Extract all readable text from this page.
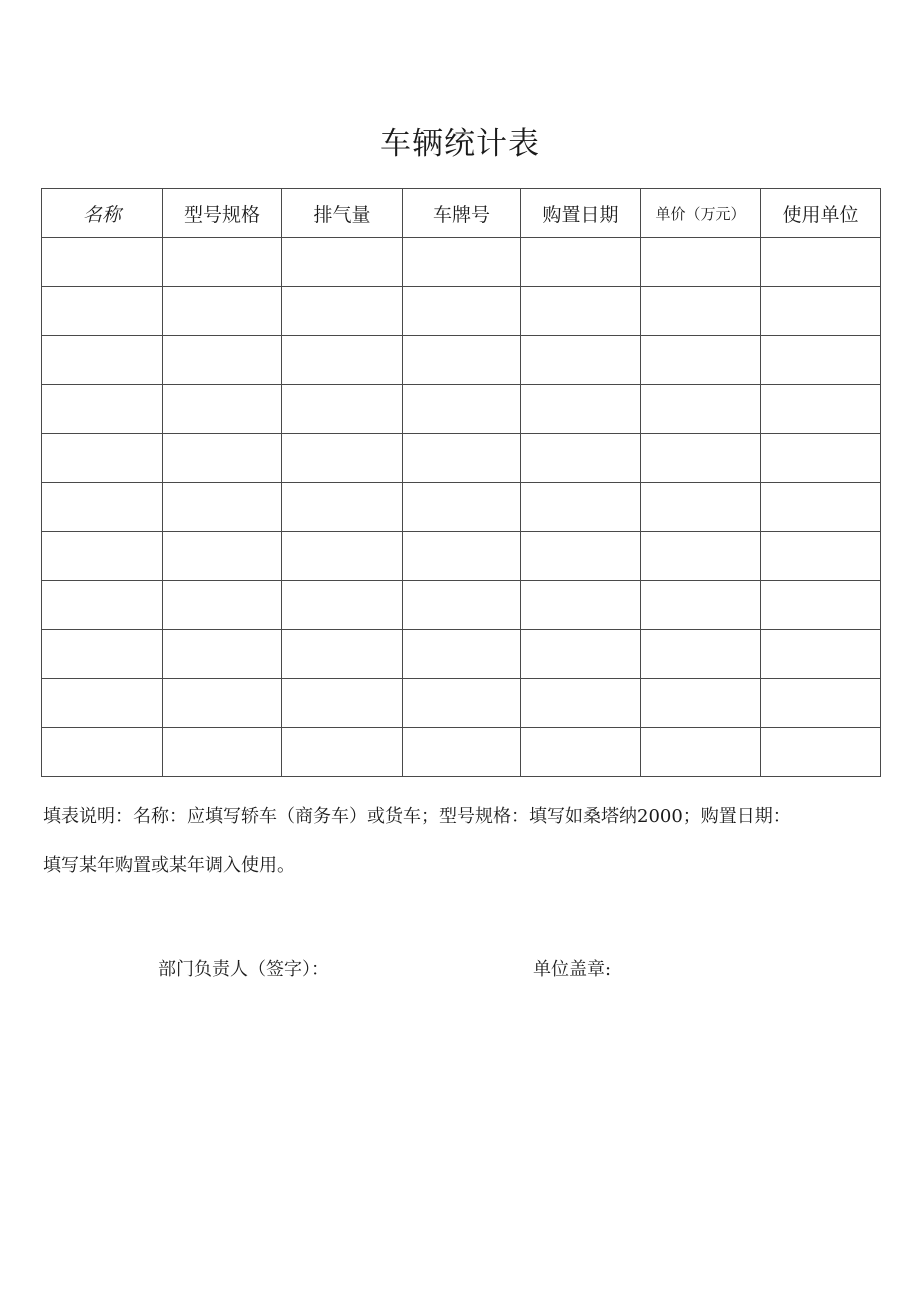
车辆统计表
名称	型号规格	排气量	车牌号	购置日期	单价（万元）	使用单位

填表说明：名称：应填写轿车（商务车）或货车；型号规格：填写如桑塔纳2000；购置日期：
填写某年购置或某年调入使用。
部门负责人（签字）：	单位盖章:
